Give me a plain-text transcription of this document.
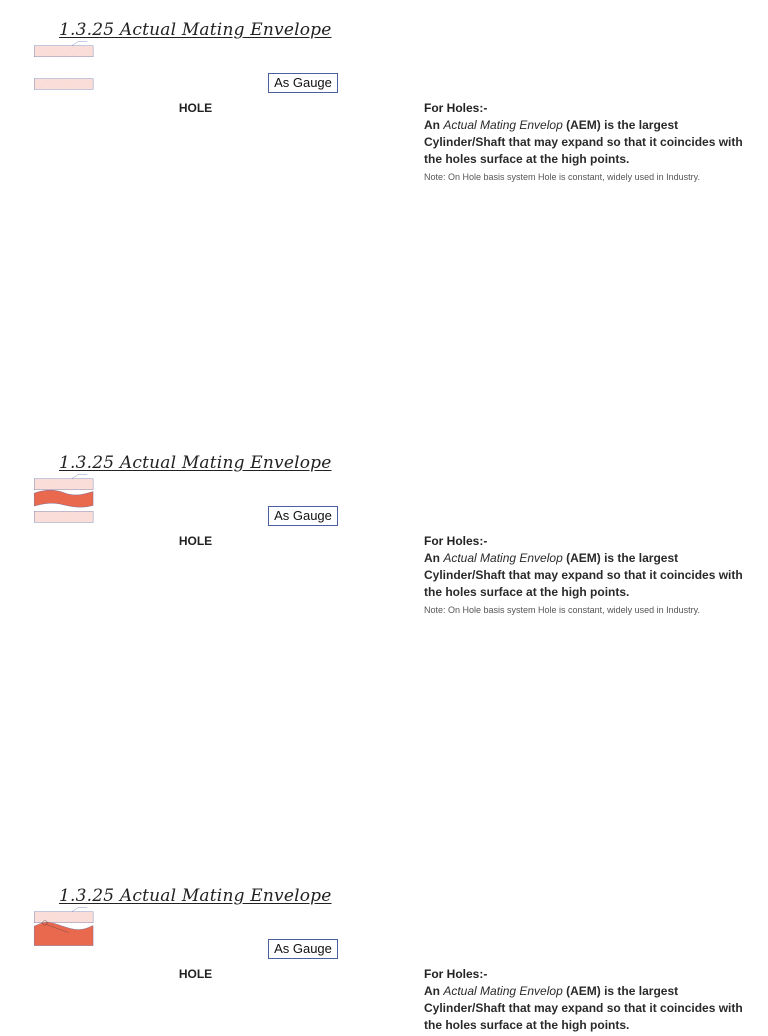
1.3.25 Actual Mating Envelope
As Gauge
HOLE	For Holes:-

An Actual Mating Envelop (AEM) is the largest Cylinder/Shaft that may expand so that it coincides with the holes surface at the high points.

Note: On Hole basis system Hole is constant, widely used in Industry.

1.3.25 Actual Mating Envelope
As Gauge
HOLE
Cylinder / Shaft
For Holes:-

An Actual Mating Envelop (AEM) is the largest Cylinder/Shaft that may expand so that it coincides with the holes surface at the high points.

Note: On Hole basis system Hole is constant, widely used in Industry.

1.3.25 Actual Mating Envelope
As Gauge
HOLE	For Holes:-

An Actual Mating Envelop (AEM) is the largest Cylinder/Shaft that may expand so that it coincides with the holes surface at the high points.
